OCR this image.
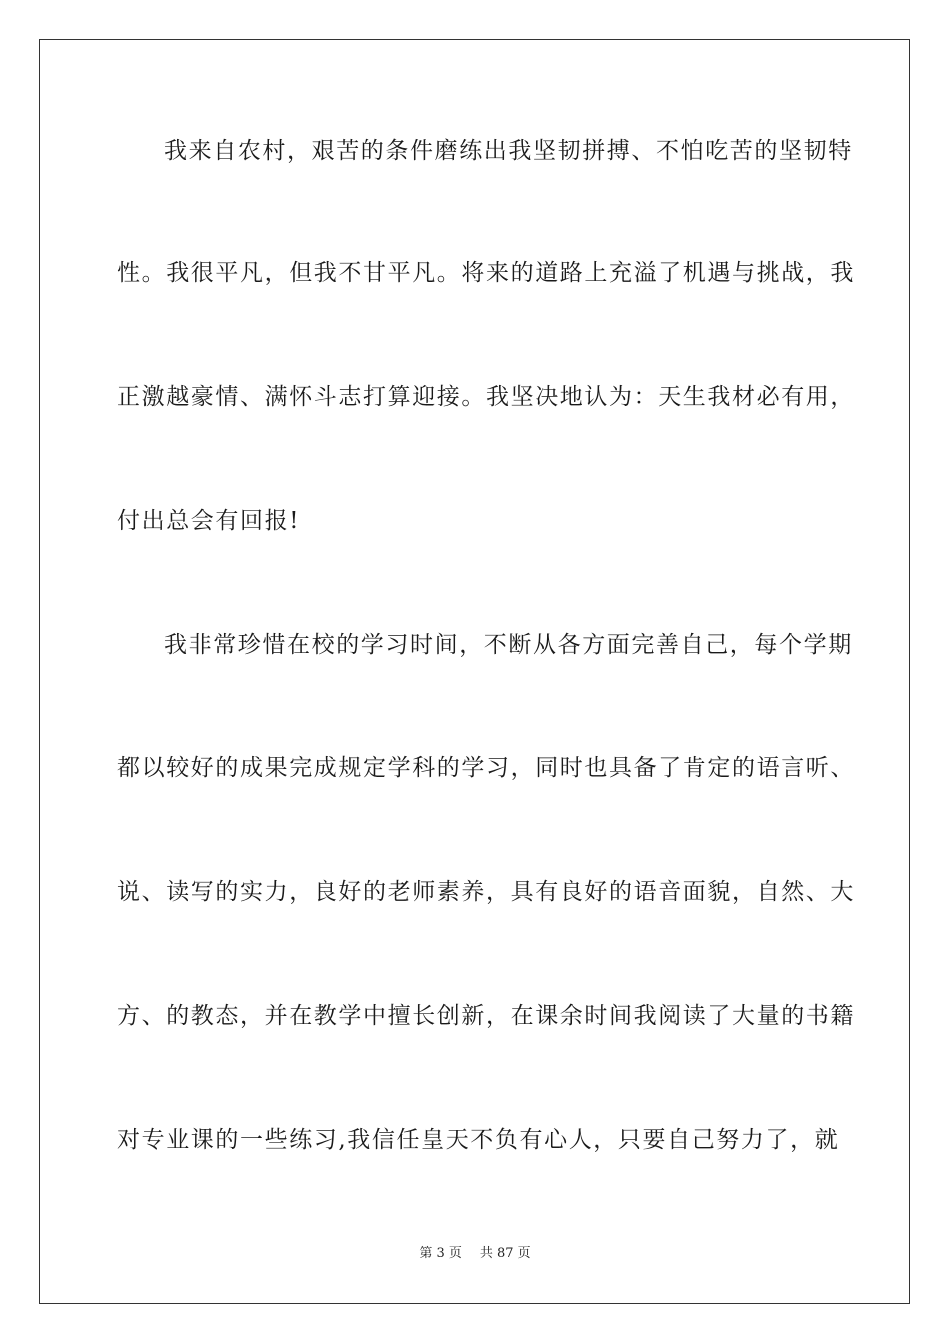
我来自农村，艰苦的条件磨练出我坚韧拼搏、不怕吃苦的坚韧特
性。我很平凡，但我不甘平凡。将来的道路上充溢了机遇与挑战，我
正激越豪情、满怀斗志打算迎接。我坚决地认为：天生我材必有用，
付出总会有回报!
我非常珍惜在校的学习时间，不断从各方面完善自己，每个学期
都以较好的成果完成规定学科的学习，同时也具备了肯定的语言听、
说、读写的实力，良好的老师素养，具有良好的语音面貌，自然、大
方、的教态，并在教学中擅长创新，在课余时间我阅读了大量的书籍
对专业课的一些练习,我信任皇天不负有心人，只要自己努力了，就
第 3 页 共 87 页
